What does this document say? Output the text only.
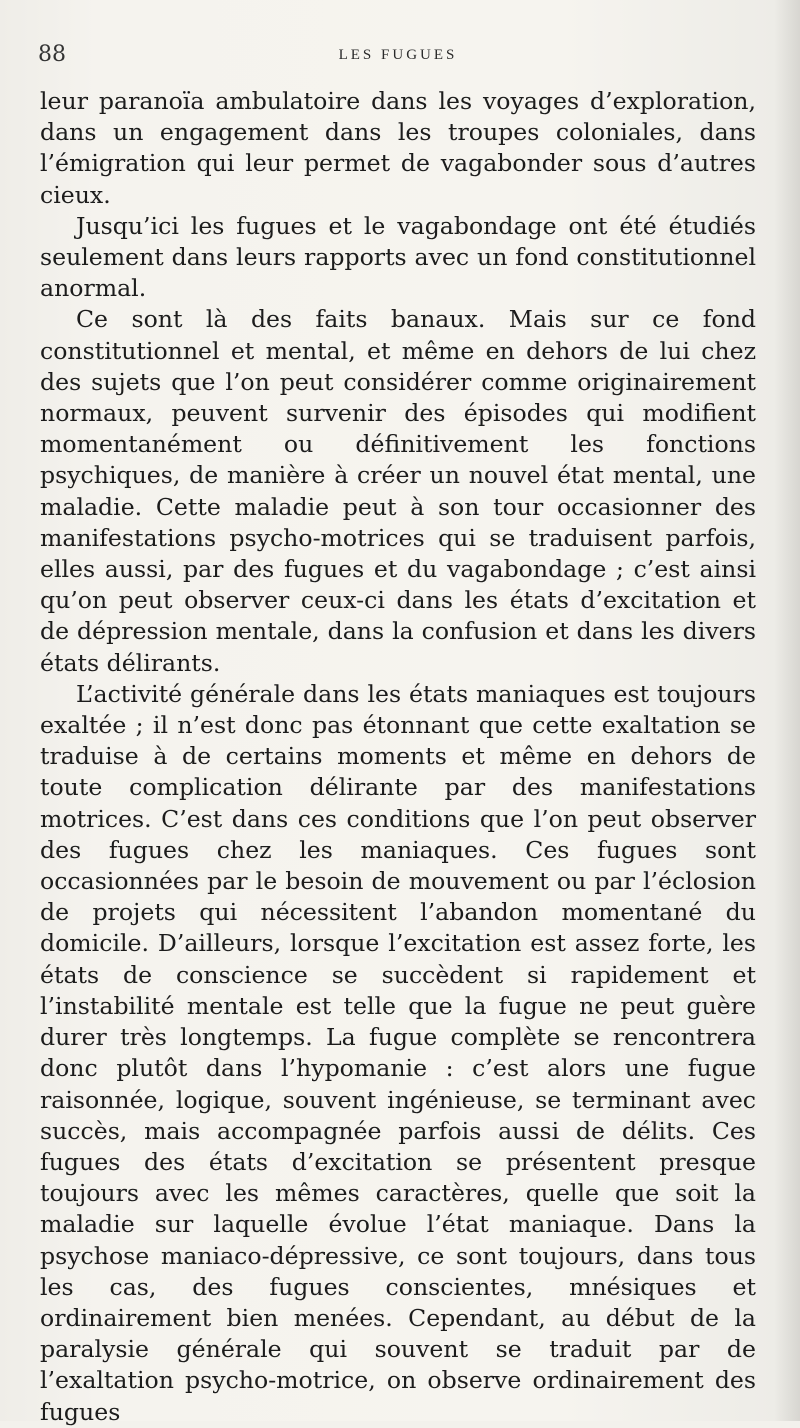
88	LES FUGUES

leur paranoïa ambulatoire dans les voyages d’exploration, dans un engagement dans les troupes coloniales, dans l’émigration qui leur permet de vagabonder sous d’autres cieux.

Jusqu’ici les fugues et le vagabondage ont été étudiés seulement dans leurs rapports avec un fond constitutionnel anormal.

Ce sont là des faits banaux. Mais sur ce fond constitutionnel et mental, et même en dehors de lui chez des sujets que l’on peut considérer comme originairement normaux, peuvent survenir des épisodes qui modifient momentanément ou définitivement les fonctions psychiques, de manière à créer un nouvel état mental, une maladie. Cette maladie peut à son tour occasionner des manifestations psycho-motrices qui se traduisent parfois, elles aussi, par des fugues et du vagabondage ; c’est ainsi qu’on peut observer ceux-ci dans les états d’excitation et de dépression mentale, dans la confusion et dans les divers états délirants.

L’activité générale dans les états maniaques est toujours exaltée ; il n’est donc pas étonnant que cette exaltation se traduise à de certains moments et même en dehors de toute complication délirante par des manifestations motrices. C’est dans ces conditions que l’on peut observer des fugues chez les maniaques. Ces fugues sont occasionnées par le besoin de mouvement ou par l’éclosion de projets qui nécessitent l’abandon momentané du domicile. D’ailleurs, lorsque l’excitation est assez forte, les états de conscience se succèdent si rapidement et l’instabilité mentale est telle que la fugue ne peut guère durer très longtemps. La fugue complète se rencontrera donc plutôt dans l’hypomanie : c’est alors une fugue raisonnée, logique, souvent ingénieuse, se terminant avec succès, mais accompagnée parfois aussi de délits. Ces fugues des états d’excitation se présentent presque toujours avec les mêmes caractères, quelle que soit la maladie sur laquelle évolue l’état maniaque. Dans la psychose maniaco-dépressive, ce sont toujours, dans tous les cas, des fugues conscientes, mnésiques et ordinairement bien menées. Cependant, au début de la paralysie générale qui souvent se traduit par de l’exaltation psycho-motrice, on observe ordinairement des fugues
